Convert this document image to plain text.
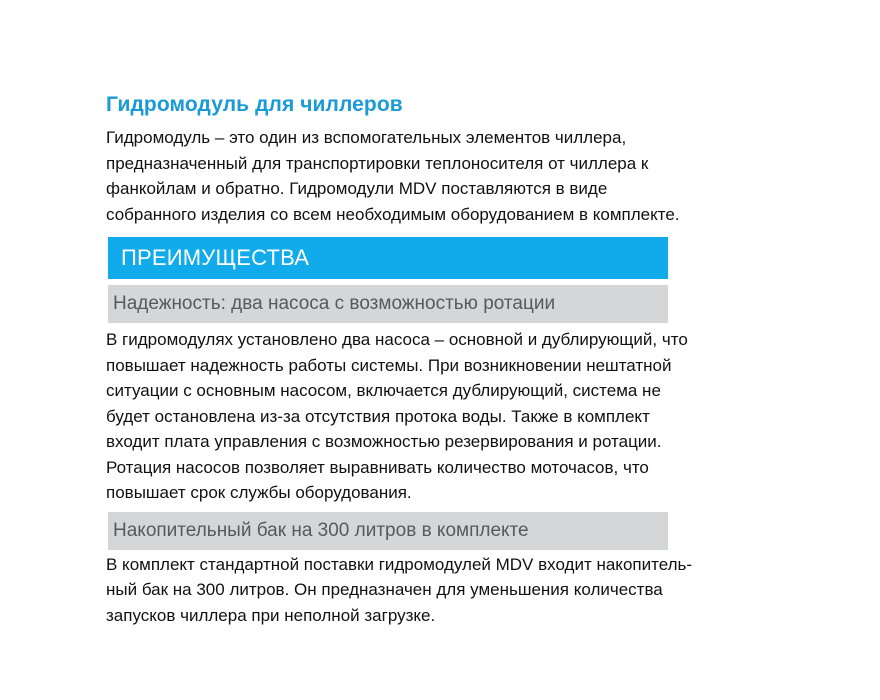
Гидромодуль для чиллеров

Гидромодуль – это один из вспомогательных элементов чиллера,
предназначенный для транспортировки теплоносителя от чиллера к
фанкойлам и обратно. Гидромодули MDV поставляются в виде
собранного изделия со всем необходимым оборудованием в комплекте.

ПРЕИМУЩЕСТВА
Надежность: два насоса с возможностью ротации

В гидромодулях установлено два насоса – основной и дублирующий, что
повышает надежность работы системы. При возникновении нештатной
ситуации с основным насосом, включается дублирующий, система не
будет остановлена из-за отсутствия протока воды. Также в комплект
входит плата управления с возможностью резервирования и ротации.
Ротация насосов позволяет выравнивать количество моточасов, что
повышает срок службы оборудования.

Накопительный бак на 300 литров в комплекте

В комплект стандартной поставки гидромодулей MDV входит накопитель-
ный бак на 300 литров. Он предназначен для уменьшения количества
запусков чиллера при неполной загрузке.
